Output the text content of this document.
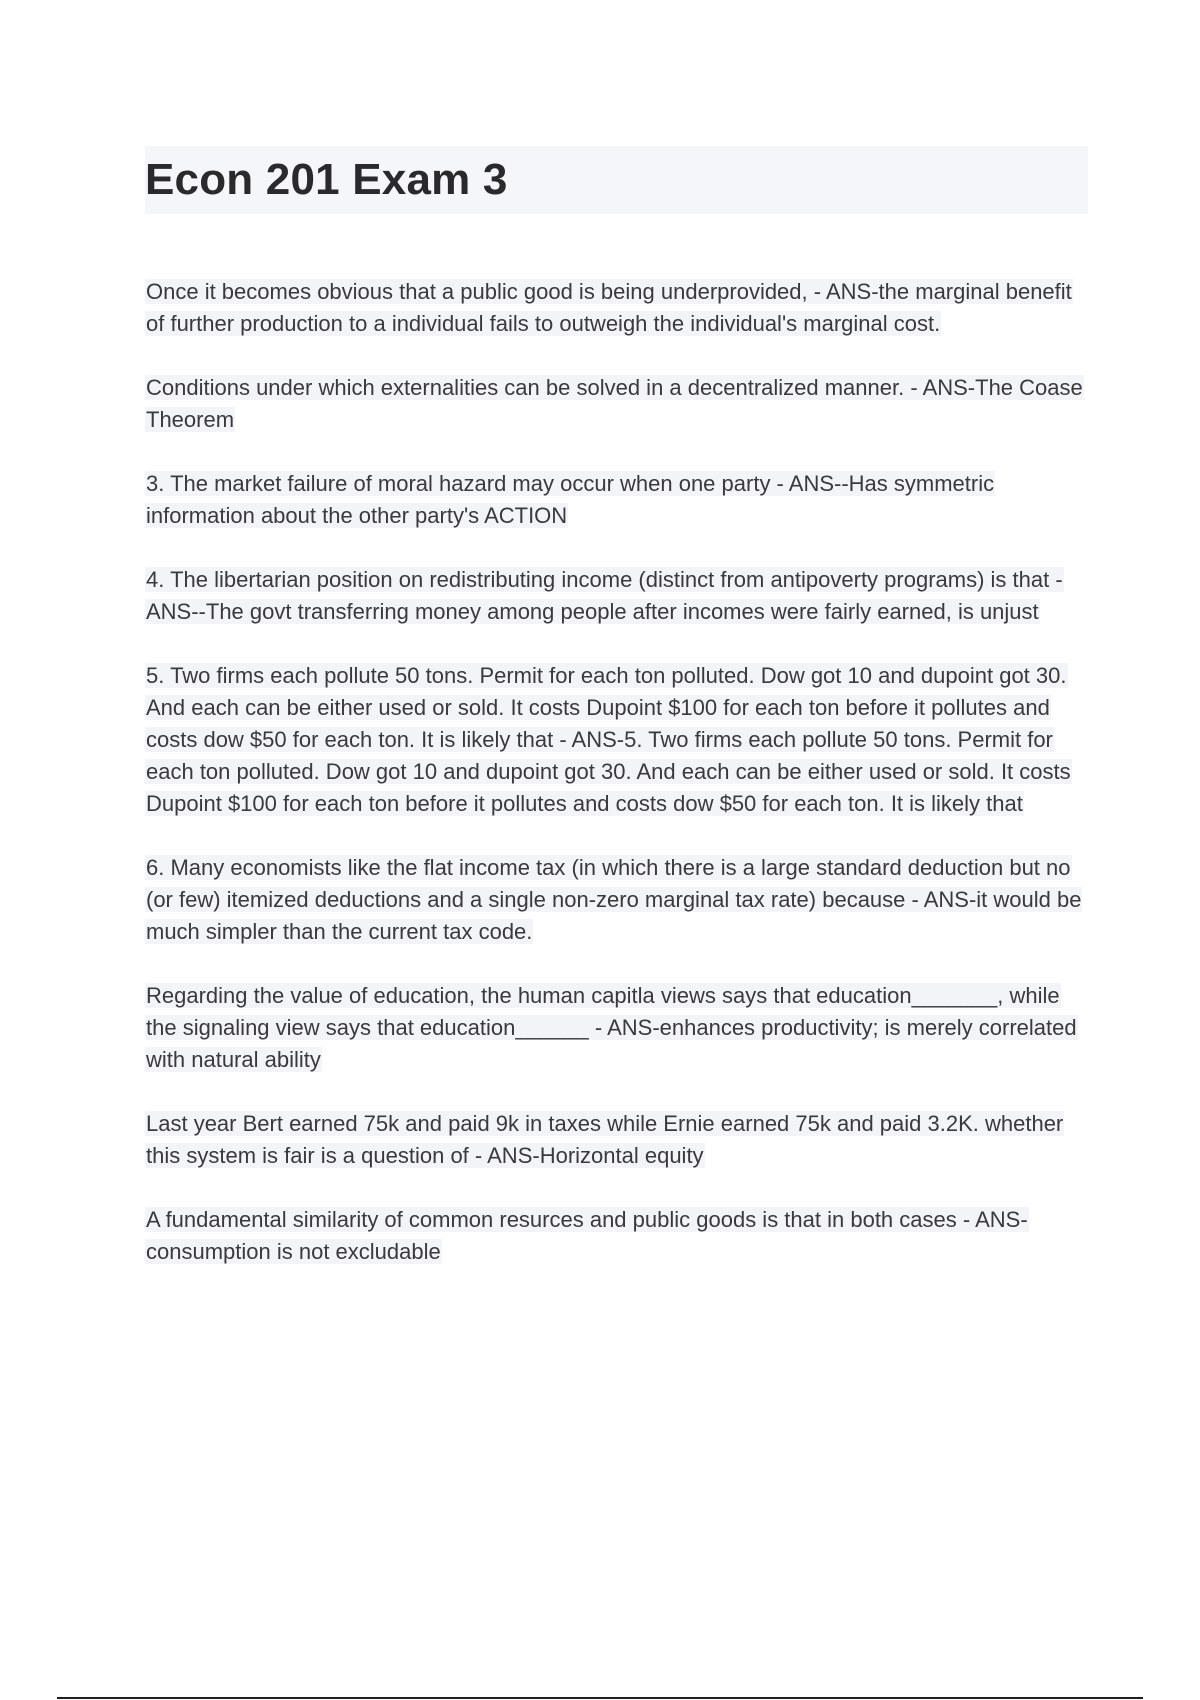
Econ 201 Exam 3

Once it becomes obvious that a public good is being underprovided, - ANS-the marginal benefit of further production to a individual fails to outweigh the individual's marginal cost.

Conditions under which externalities can be solved in a decentralized manner. - ANS-The Coase Theorem

3. The market failure of moral hazard may occur when one party - ANS--Has symmetric information about the other party's ACTION

4. The libertarian position on redistributing income (distinct from antipoverty programs) is that - ANS--The govt transferring money among people after incomes were fairly earned, is unjust

5. Two firms each pollute 50 tons. Permit for each ton polluted. Dow got 10 and dupoint got 30. And each can be either used or sold. It costs Dupoint $100 for each ton before it pollutes and costs dow $50 for each ton. It is likely that - ANS-5. Two firms each pollute 50 tons. Permit for each ton polluted. Dow got 10 and dupoint got 30. And each can be either used or sold. It costs Dupoint $100 for each ton before it pollutes and costs dow $50 for each ton. It is likely that

6. Many economists like the flat income tax (in which there is a large standard deduction but no (or few) itemized deductions and a single non-zero marginal tax rate) because - ANS-it would be much simpler than the current tax code.

Regarding the value of education, the human capitla views says that education_______, while the signaling view says that education______ - ANS-enhances productivity; is merely correlated with natural ability

Last year Bert earned 75k and paid 9k in taxes while Ernie earned 75k and paid 3.2K. whether this system is fair is a question of - ANS-Horizontal equity

A fundamental similarity of common resurces and public goods is that in both cases - ANS-consumption is not excludable
